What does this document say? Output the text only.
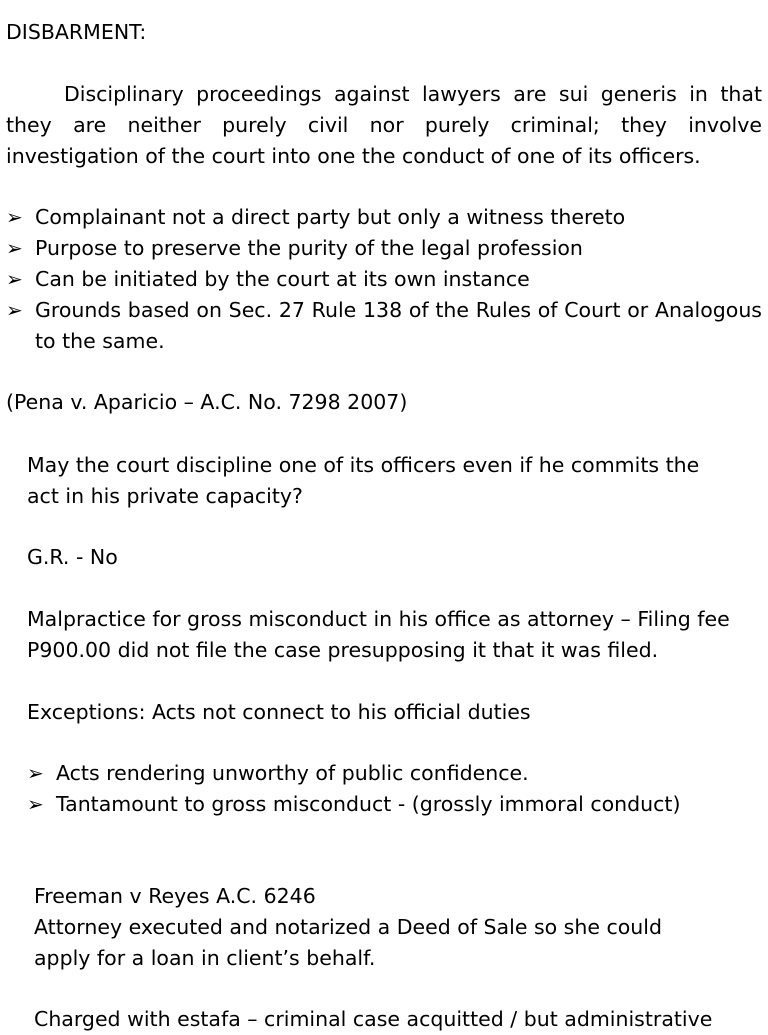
DISBARMENT:

Disciplinary proceedings against lawyers are sui generis in that they are neither purely civil nor purely criminal; they involve investigation of the court into one the conduct of one of its officers.

➢ Complainant not a direct party but only a witness thereto
➢ Purpose to preserve the purity of the legal profession
➢ Can be initiated by the court at its own instance
➢ Grounds based on Sec. 27 Rule 138 of the Rules of Court or Analogous to the same.

(Pena v. Aparicio – A.C. No. 7298 2007)

May the court discipline one of its officers even if he commits the act in his private capacity?

G.R. - No

Malpractice for gross misconduct in his office as attorney – Filing fee P900.00 did not file the case presupposing it that it was filed.

Exceptions: Acts not connect to his official duties

➢ Acts rendering unworthy of public confidence.
➢ Tantamount to gross misconduct - (grossly immoral conduct)

Freeman v Reyes A.C. 6246

Attorney executed and notarized a Deed of Sale so she could apply for a loan in client’s behalf.

Charged with estafa – criminal case acquitted / but administrative
